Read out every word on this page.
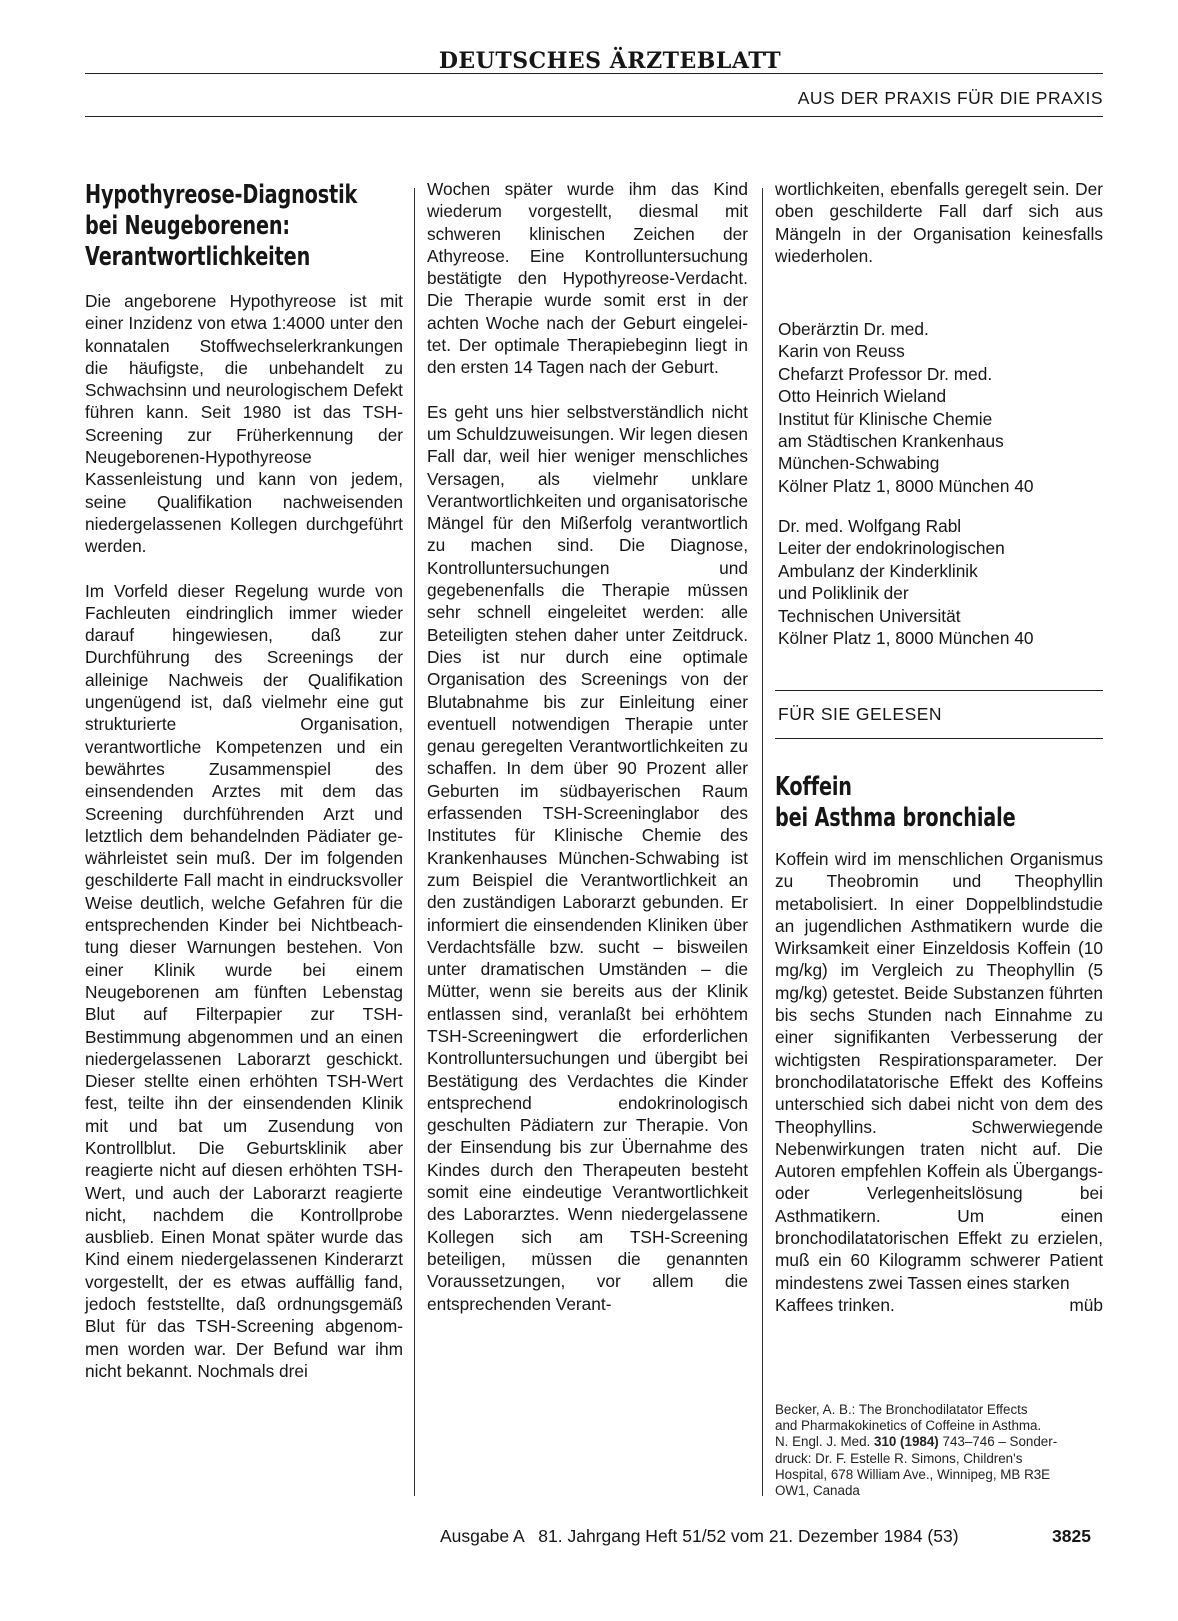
DEUTSCHES ÄRZTEBLATT
AUS DER PRAXIS FÜR DIE PRAXIS
Hypothyreose-Diagnostik
bei Neugeborenen:
Verantwortlichkeiten

Die angeborene Hypothyreose ist mit einer Inzidenz von etwa 1:4000 unter den konnatalen Stoffwechselerkrankungen die häufigste, die unbehandelt zu Schwachsinn und neurologischem Defekt führen kann. Seit 1980 ist das TSH-Screening zur Früherkennung der Neugeborenen-Hypothyreose Kassenleistung und kann von jedem, seine Qualifikation nachweisenden niedergelassenen Kollegen durchgeführt werden.

Im Vorfeld dieser Regelung wurde von Fachleuten eindringlich immer wieder darauf hingewiesen, daß zur Durchführung des Screenings der alleinige Nachweis der Qualifikation ungenügend ist, daß vielmehr eine gut strukturierte Organisation, verantwortliche Kompetenzen und ein bewährtes Zusammenspiel des einsendenden Arztes mit dem das Screening durchführenden Arzt und letztlich dem behandelnden Pädiater gewährleistet sein muß. Der im folgenden geschilderte Fall macht in eindrucksvoller Weise deutlich, welche Gefahren für die entsprechenden Kinder bei Nichtbeachtung dieser Warnungen bestehen. Von einer Klinik wurde bei einem Neugeborenen am fünften Lebenstag Blut auf Filterpapier zur TSH-Bestimmung abgenommen und an einen niedergelassenen Laborarzt geschickt. Dieser stellte einen erhöhten TSH-Wert fest, teilte ihn der einsendenden Klinik mit und bat um Zusendung von Kontrollblut. Die Geburtsklinik aber reagierte nicht auf diesen erhöhten TSH-Wert, und auch der Laborarzt reagierte nicht, nachdem die Kontrollprobe ausblieb. Einen Monat später wurde das Kind einem niedergelassenen Kinderarzt vorgestellt, der es etwas auffällig fand, jedoch feststellte, daß ordnungsgemäß Blut für das TSH-Screening abgenommen worden war. Der Befund war ihm nicht bekannt. Nochmals drei

Wochen später wurde ihm das Kind wiederum vorgestellt, diesmal mit schweren klinischen Zeichen der Athyreose. Eine Kontrolluntersuchung bestätigte den Hypothyreose-Verdacht. Die Therapie wurde somit erst in der achten Woche nach der Geburt eingeleitet. Der optimale Therapiebeginn liegt in den ersten 14 Tagen nach der Geburt.

Es geht uns hier selbstverständlich nicht um Schuldzuweisungen. Wir legen diesen Fall dar, weil hier weniger menschliches Versagen, als vielmehr unklare Verantwortlichkeiten und organisatorische Mängel für den Mißerfolg verantwortlich zu machen sind. Die Diagnose, Kontrolluntersuchungen und gegebenenfalls die Therapie müssen sehr schnell eingeleitet werden: alle Beteiligten stehen daher unter Zeitdruck. Dies ist nur durch eine optimale Organisation des Screenings von der Blutabnahme bis zur Einleitung einer eventuell notwendigen Therapie unter genau geregelten Verantwortlichkeiten zu schaffen. In dem über 90 Prozent aller Geburten im südbayerischen Raum erfassenden TSH-Screeninglabor des Institutes für Klinische Chemie des Krankenhauses München-Schwabing ist zum Beispiel die Verantwortlichkeit an den zuständigen Laborarzt gebunden. Er informiert die einsendenden Kliniken über Verdachtsfälle bzw. sucht – bisweilen unter dramatischen Umständen – die Mütter, wenn sie bereits aus der Klinik entlassen sind, veranlaßt bei erhöhtem TSH-Screeningwert die erforderlichen Kontrolluntersuchungen und übergibt bei Bestätigung des Verdachtes die Kinder entsprechend endokrinologisch geschulten Pädiatern zur Therapie. Von der Einsendung bis zur Übernahme des Kindes durch den Therapeuten besteht somit eine eindeutige Verantwortlichkeit des Laborarztes. Wenn niedergelassene Kollegen sich am TSH-Screening beteiligen, müssen die genannten Voraussetzungen, vor allem die entsprechenden Verant-

wortlichkeiten, ebenfalls geregelt sein. Der oben geschilderte Fall darf sich aus Mängeln in der Organisation keinesfalls wiederholen.

Oberärztin Dr. med.
Karin von Reuss
Chefarzt Professor Dr. med.
Otto Heinrich Wieland
Institut für Klinische Chemie
am Städtischen Krankenhaus
München-Schwabing
Kölner Platz 1, 8000 München 40
Dr. med. Wolfgang Rabl
Leiter der endokrinologischen
Ambulanz der Kinderklinik
und Poliklinik der
Technischen Universität
Kölner Platz 1, 8000 München 40
FÜR SIE GELESEN
Koffein
bei Asthma bronchiale

Koffein wird im menschlichen Organismus zu Theobromin und Theophyllin metabolisiert. In einer Doppelblindstudie an jugendlichen Asthmatikern wurde die Wirksamkeit einer Einzeldosis Koffein (10 mg/kg) im Vergleich zu Theophyllin (5 mg/kg) getestet. Beide Substanzen führten bis sechs Stunden nach Einnahme zu einer signifikanten Verbesserung der wichtigsten Respirationsparameter. Der bronchodilatatorische Effekt des Koffeins unterschied sich dabei nicht von dem des Theophyllins. Schwerwiegende Nebenwirkungen traten nicht auf. Die Autoren empfehlen Koffein als Übergangs- oder Verlegenheitslösung bei Asthmatikern. Um einen bronchodilatatorischen Effekt zu erzielen, muß ein 60 Kilogramm schwerer Patient mindestens zwei Tassen eines starken

Kaffees trinken.	müb
Becker, A. B.: The Bronchodilatator Effects
and Pharmakokinetics of Coffeine in Asthma.
N. Engl. J. Med. 310 (1984) 743–746 – Sonder-
druck: Dr. F. Estelle R. Simons, Children's
Hospital, 678 William Ave., Winnipeg, MB R3E
OW1, Canada
Ausgabe A   81. Jahrgang Heft 51/52 vom 21. Dezember 1984 (53)	3825
